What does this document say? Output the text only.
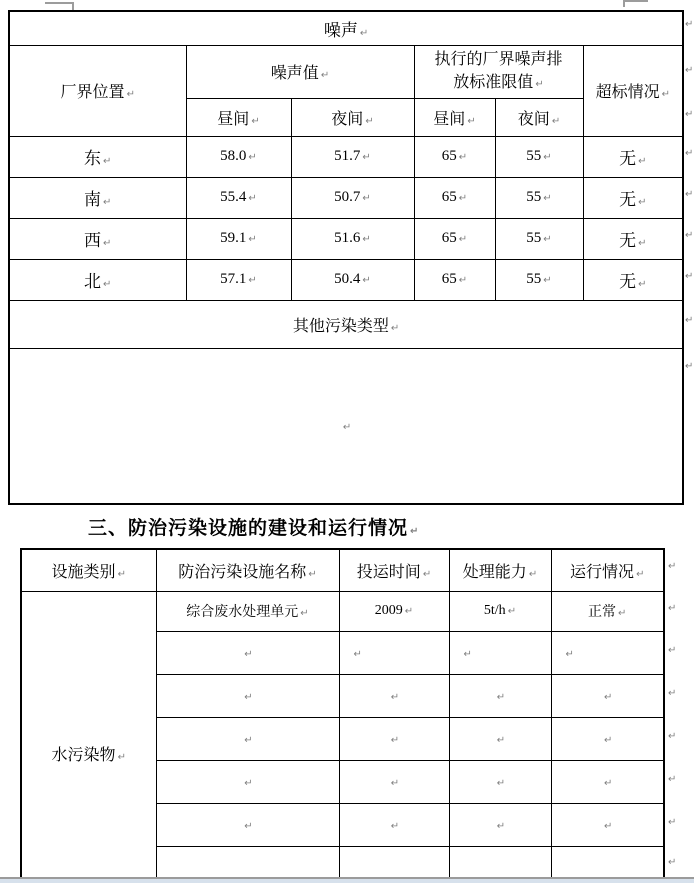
噪声 ↵					
厂界位置 ↵	噪声值 ↵		执行的厂界噪声排放标准限值 ↵		超标情况 ↵
	昼间 ↵	夜间 ↵	昼间 ↵	夜间 ↵	
东 ↵	58.0 ↵	51.7 ↵	65 ↵	55 ↵	无 ↵
南 ↵	55.4 ↵	50.7 ↵	65 ↵	55 ↵	无 ↵
西 ↵	59.1 ↵	51.6 ↵	65 ↵	55 ↵	无 ↵
北 ↵	57.1 ↵	50.4 ↵	65 ↵	55 ↵	无 ↵
其他污染类型 ↵					
↵					
三、防治污染设施的建设和运行情况 ↵
设施类别 ↵	防治污染设施名称 ↵	投运时间 ↵	处理能力 ↵	运行情况 ↵
水污染物 ↵	综合废水处理单元 ↵	2009 ↵	5t/h ↵	正常 ↵
	↵	↵	↵	↵
	↵	↵	↵	↵
	↵	↵	↵	↵
	↵	↵	↵	↵
	↵	↵	↵	↵

↵
↵
↵
↵
↵
↵
↵
↵
↵
↵
↵
↵
↵
↵
↵
↵
↵
